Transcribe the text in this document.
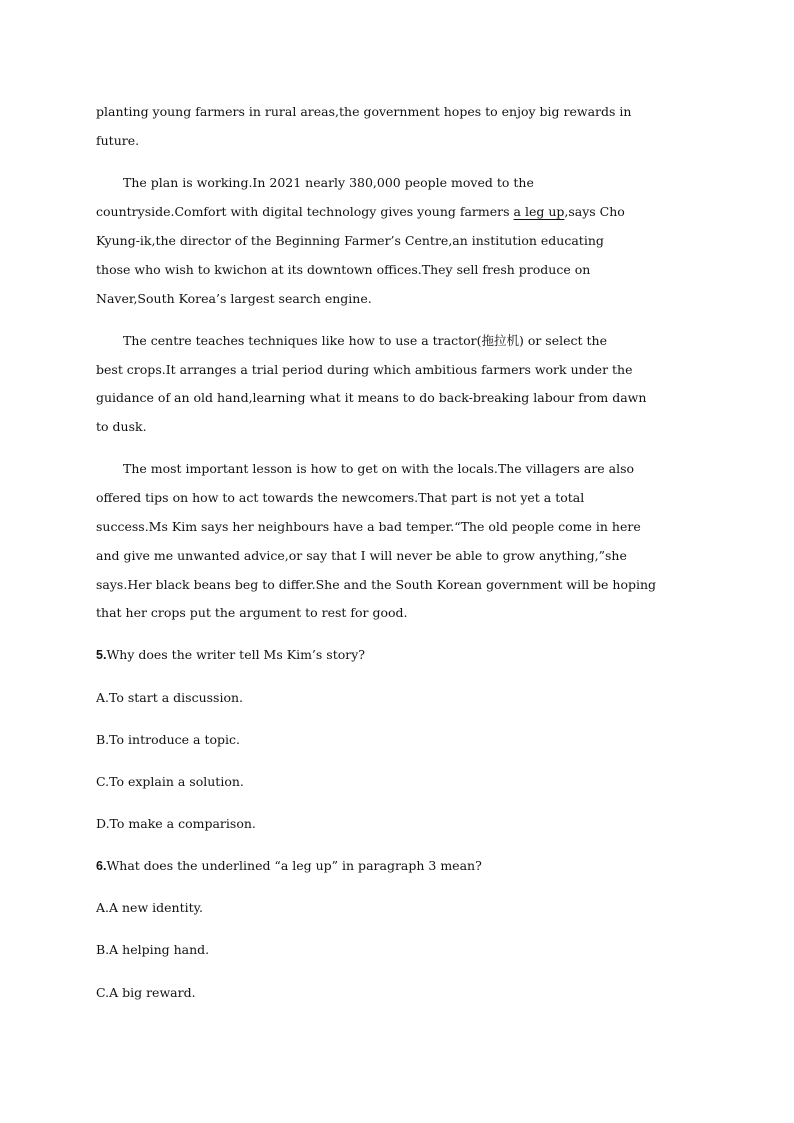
planting young farmers in rural areas,the government hopes to enjoy big rewards in
future.
The plan is working.In 2021 nearly 380,000 people moved to the
countryside.Comfort with digital technology gives young farmers a leg up,says Cho
Kyung-ik,the director of the Beginning Farmer’s Centre,an institution educating
those who wish to kwichon at its downtown offices.They sell fresh produce on
Naver,South Korea’s largest search engine.
The centre teaches techniques like how to use a tractor(拖拉机) or select the
best crops.It arranges a trial period during which ambitious farmers work under the
guidance of an old hand,learning what it means to do back-breaking labour from dawn
to dusk.
The most important lesson is how to get on with the locals.The villagers are also
offered tips on how to act towards the newcomers.That part is not yet a total
success.Ms Kim says her neighbours have a bad temper.“The old people come in here
and give me unwanted advice,or say that I will never be able to grow anything,”she
says.Her black beans beg to differ.She and the South Korean government will be hoping
that her crops put the argument to rest for good.
5.Why does the writer tell Ms Kim’s story?
A.To start a discussion.
B.To introduce a topic.
C.To explain a solution.
D.To make a comparison.
6.What does the underlined “a leg up” in paragraph 3 mean?
A.A new identity.
B.A helping hand.
C.A big reward.
